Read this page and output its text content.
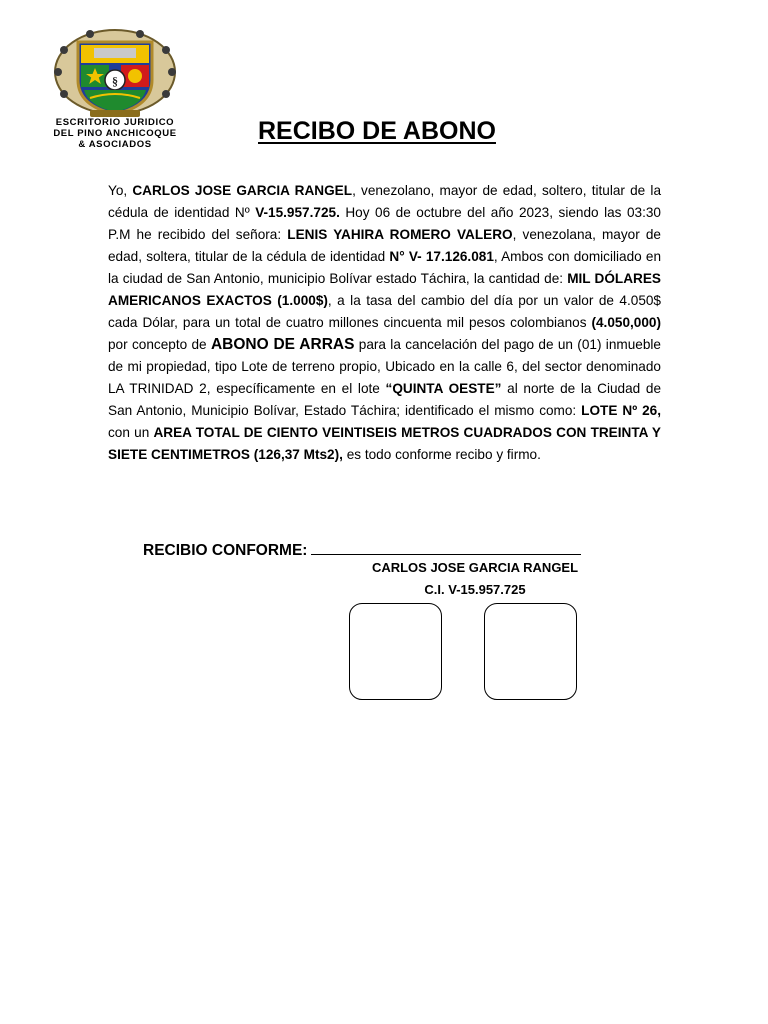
§
ESCRITORIO JURIDICO
DEL PINO ANCHICOQUE
& ASOCIADOS	RECIBO DE ABONO
Yo, CARLOS JOSE GARCIA RANGEL, venezolano, mayor de edad, soltero, titular de la cédula de identidad Nº V-15.957.725. Hoy 06 de octubre del año 2023, siendo las 03:30 P.M he recibido del señora: LENIS YAHIRA ROMERO VALERO, venezolana, mayor de edad, soltera, titular de la cédula de identidad N° V- 17.126.081, Ambos con domiciliado en la ciudad de San Antonio, municipio Bolívar estado Táchira, la cantidad de: MIL DÓLARES AMERICANOS EXACTOS (1.000$), a la tasa del cambio del día por un valor de 4.050$ cada Dólar, para un total de cuatro millones cincuenta mil pesos colombianos (4.050,000) por concepto de ABONO DE ARRAS para la cancelación del pago de un (01) inmueble de mi propiedad, tipo Lote de terreno propio, Ubicado en la calle 6, del sector denominado LA TRINIDAD 2, específicamente en el lote “QUINTA OESTE” al norte de la Ciudad de San Antonio, Municipio Bolívar, Estado Táchira; identificado el mismo como: LOTE Nº 26, con un AREA TOTAL DE CIENTO VEINTISEIS METROS CUADRADOS CON TREINTA Y SIETE CENTIMETROS (126,37 Mts2), es todo conforme recibo y firmo.
RECIBIO CONFORME:
CARLOS JOSE GARCIA RANGEL
C.I. V-15.957.725
